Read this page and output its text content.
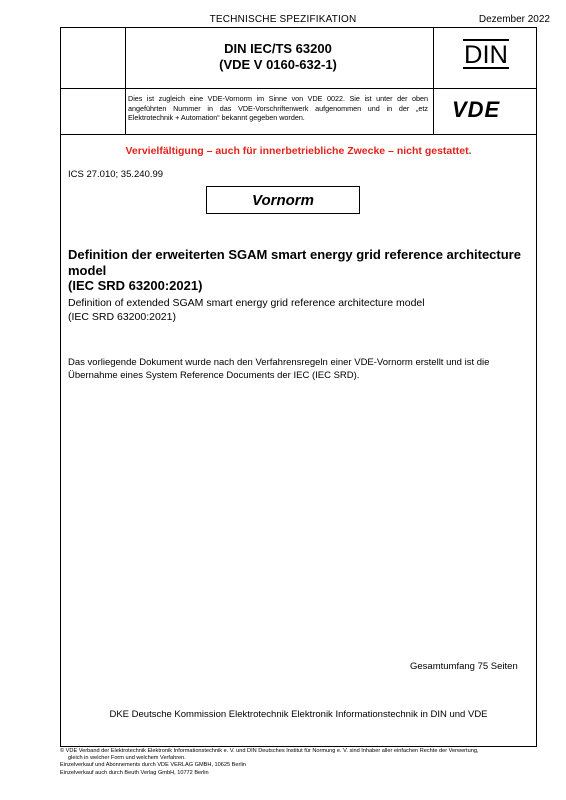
TECHNISCHE SPEZIFIKATION	Dezember 2022
DIN IEC/TS 63200
(VDE V 0160-632-1)	DIN
Dies ist zugleich eine VDE-Vornorm im Sinne von VDE 0022. Sie ist unter der oben angeführten Nummer in das VDE-Vorschriftenwerk aufgenommen und in der „etz Elektrotechnik + Automation“ bekannt gegeben worden.	VDE
Vervielfältigung – auch für innerbetriebliche Zwecke – nicht gestattet.
ICS 27.010; 35.240.99
Vornorm
Definition der erweiterten SGAM smart energy grid reference architecture model
(IEC SRD 63200:2021)
Definition of extended SGAM smart energy grid reference architecture model
(IEC SRD 63200:2021)
Das vorliegende Dokument wurde nach den Verfahrensregeln einer VDE-Vornorm erstellt und ist die Übernahme eines System Reference Documents der IEC (IEC SRD).
Gesamtumfang 75 Seiten
DKE Deutsche Kommission Elektrotechnik Elektronik Informationstechnik in DIN und VDE
© VDE Verband der Elektrotechnik Elektronik Informationstechnik e. V. und DIN Deutsches Institut für Normung e. V. sind Inhaber aller einfachen Rechte der Verwertung,
gleich in welcher Form und welchem Verfahren.
Einzelverkauf und Abonnements durch VDE VERLAG GMBH, 10625 Berlin
Einzelverkauf auch durch Beuth Verlag GmbH, 10772 Berlin
